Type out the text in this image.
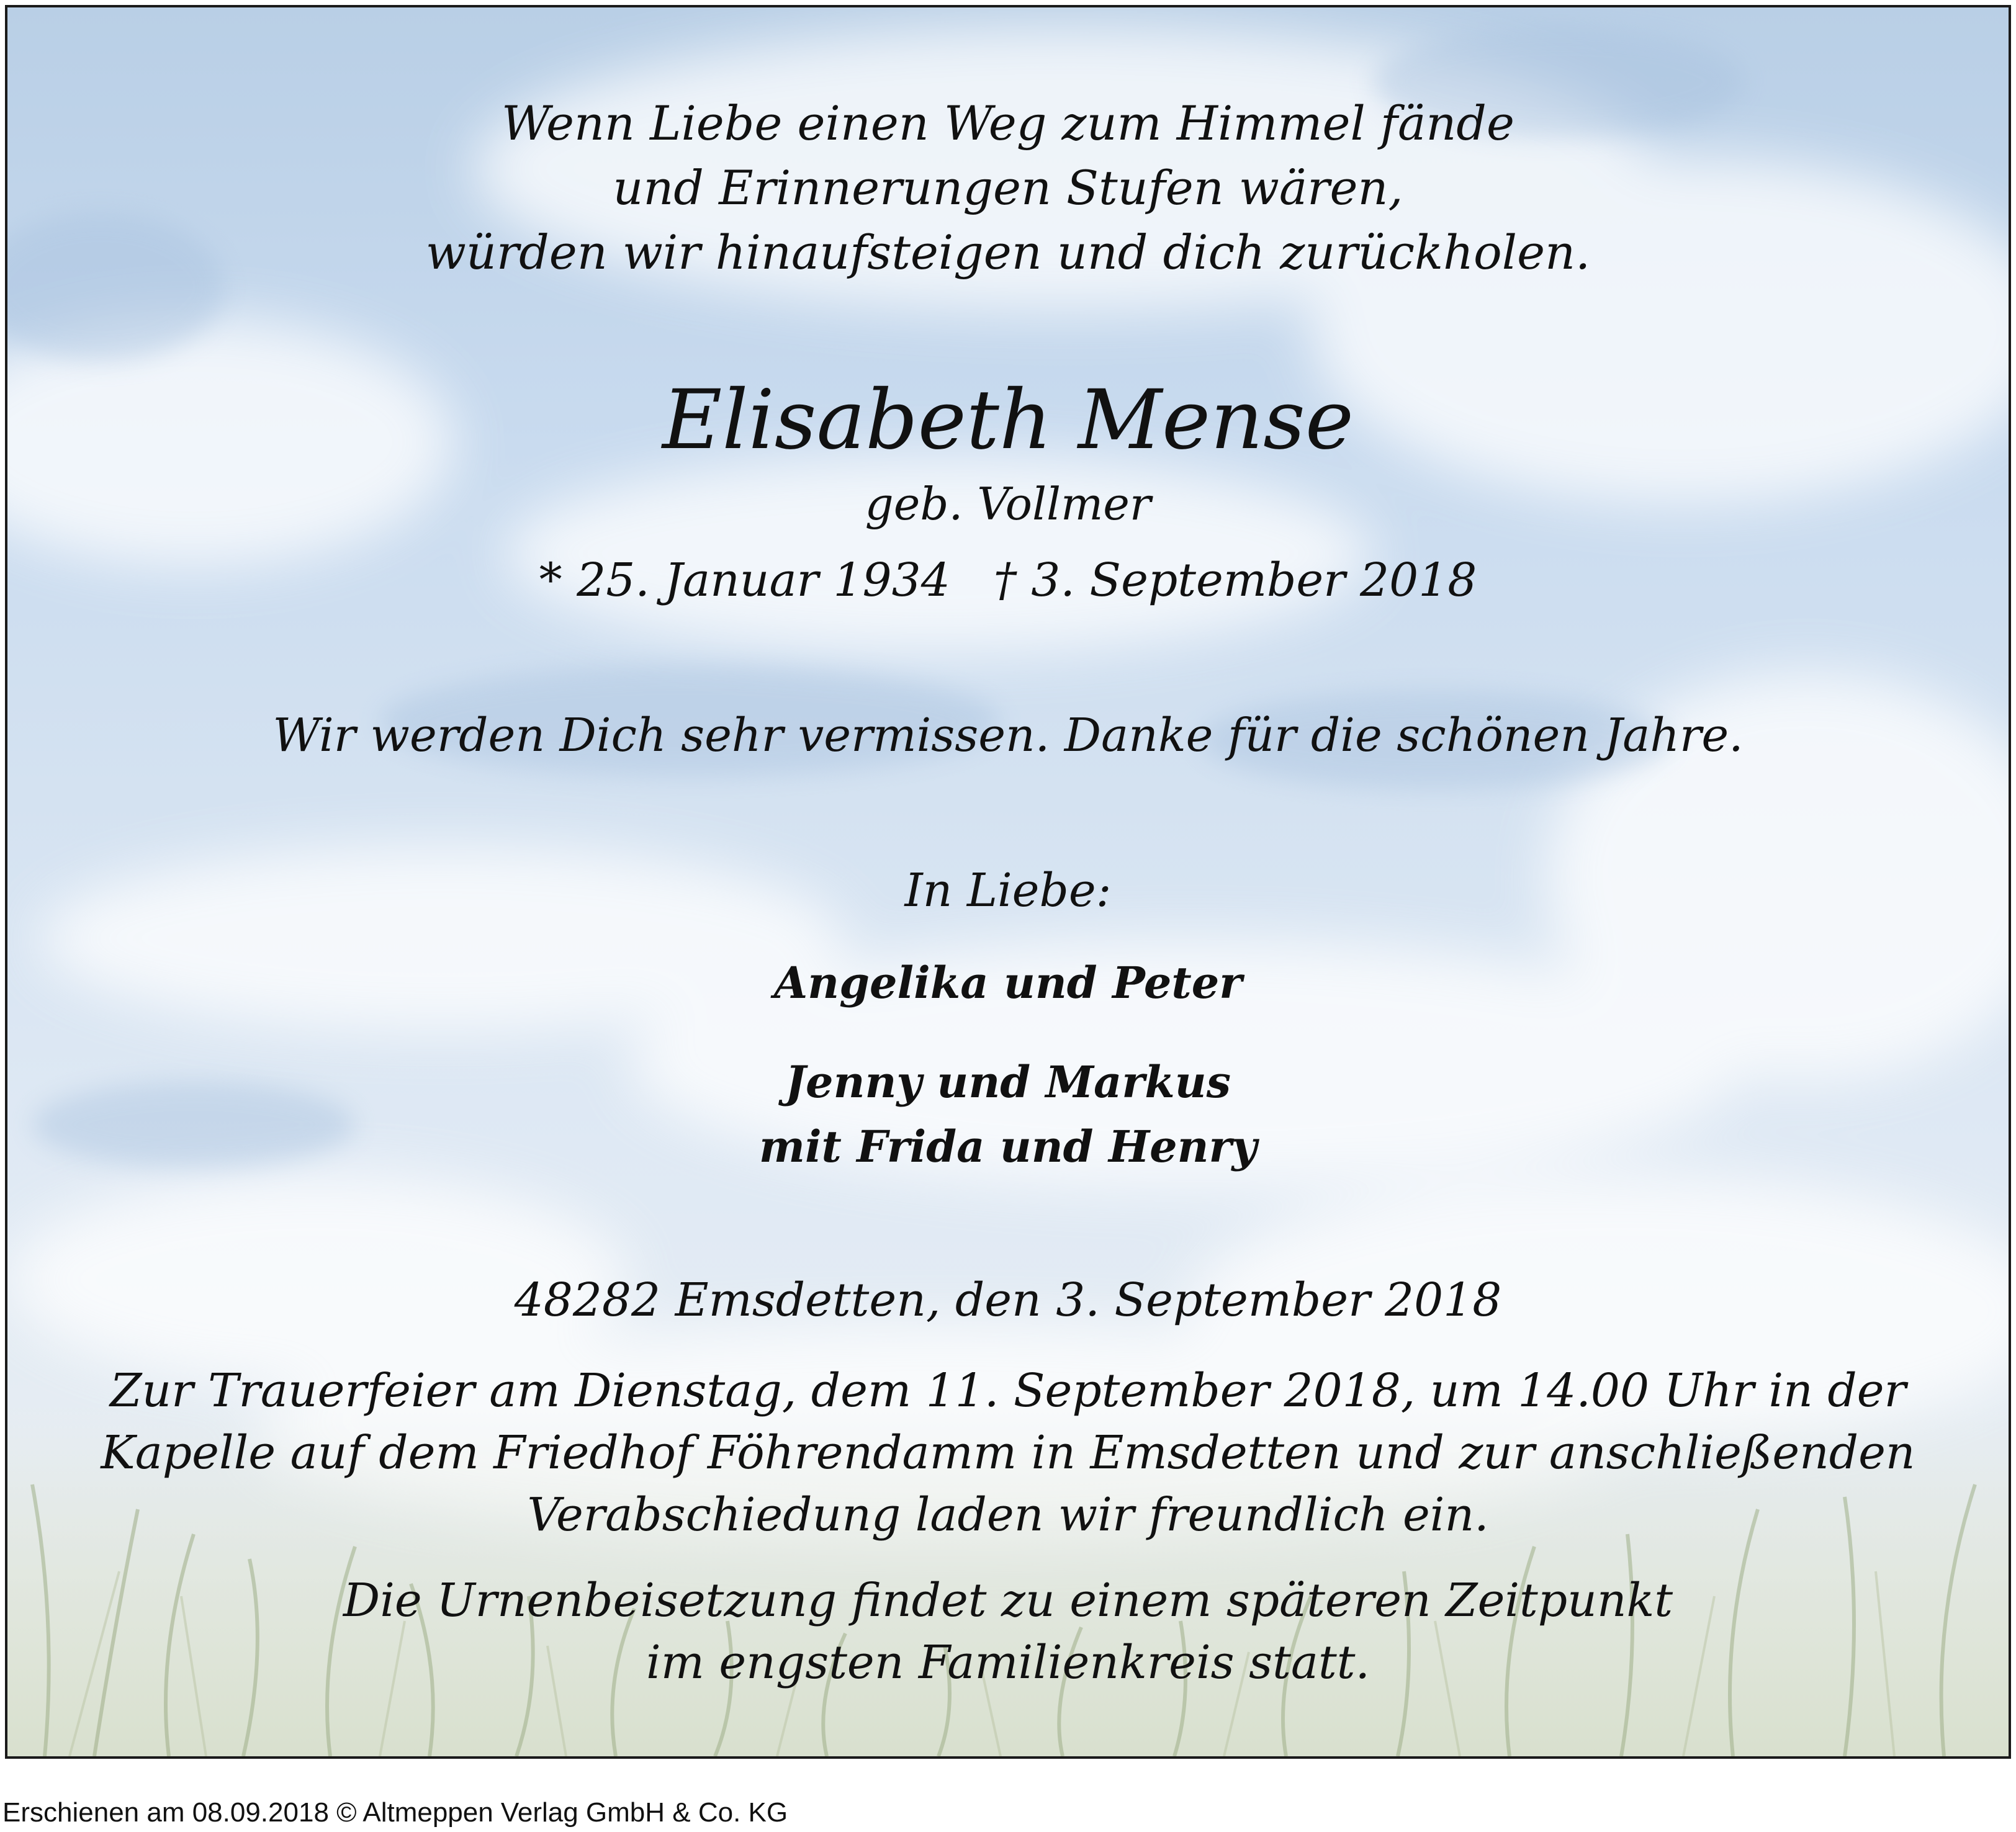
Wenn Liebe einen Weg zum Himmel fände
und Erinnerungen Stufen wären,
würden wir hinaufsteigen und dich zurückholen.
Elisabeth Mense
geb. Vollmer
* 25. Januar 1934 † 3. September 2018
Wir werden Dich sehr vermissen. Danke für die schönen Jahre.
In Liebe:
Angelika und Peter
Jenny und Markus
mit Frida und Henry
48282 Emsdetten, den 3. September 2018
Zur Trauerfeier am Dienstag, dem 11. September 2018, um 14.00 Uhr in der
Kapelle auf dem Friedhof Föhrendamm in Emsdetten und zur anschließenden
Verabschiedung laden wir freundlich ein.
Die Urnenbeisetzung findet zu einem späteren Zeitpunkt
im engsten Familienkreis statt.
Erschienen am 08.09.2018 © Altmeppen Verlag GmbH & Co. KG
